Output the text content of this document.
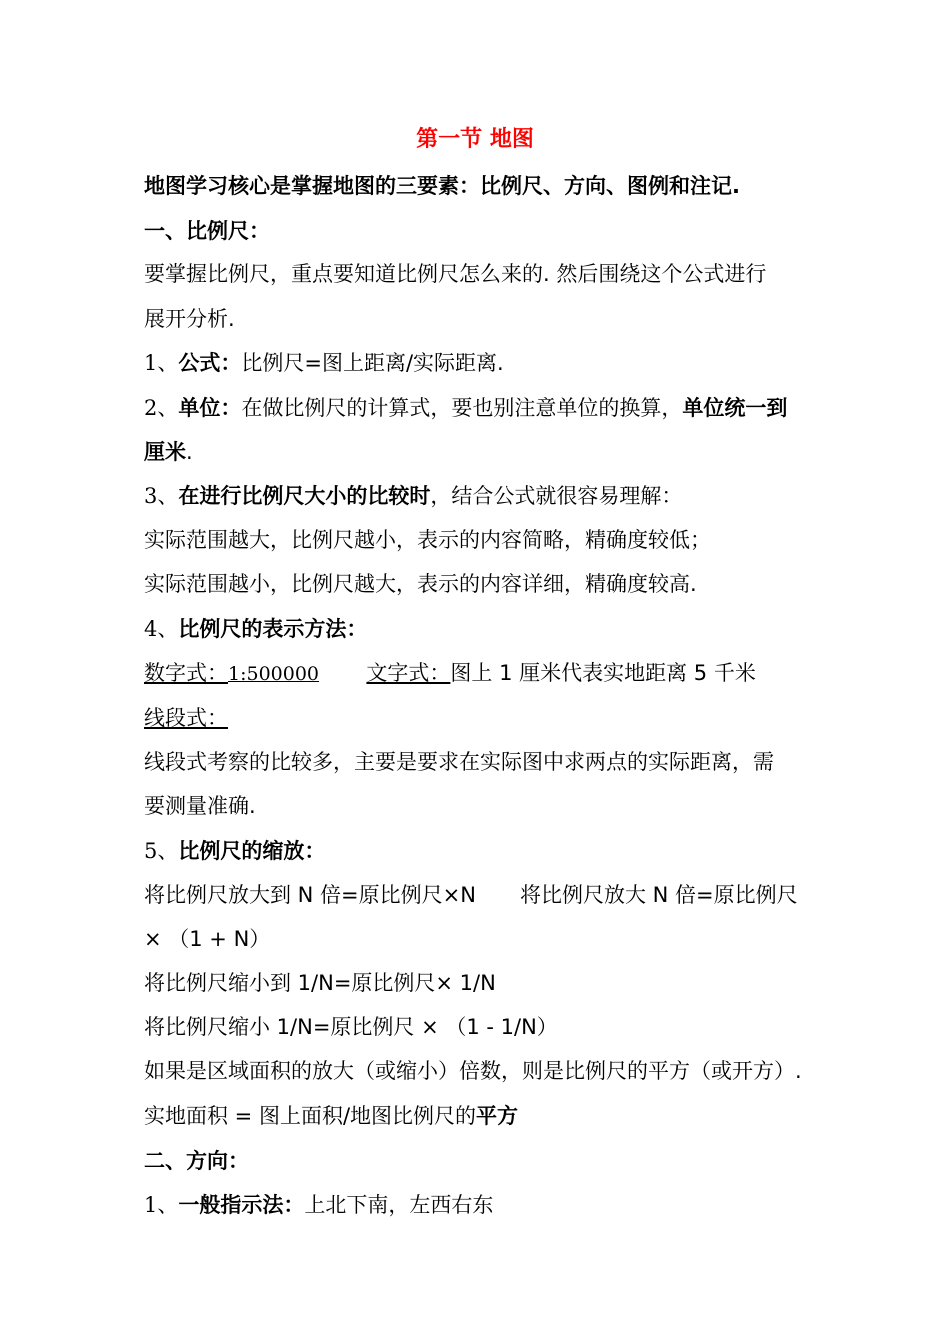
第一节 地图
地图学习核心是掌握地图的三要素：比例尺、方向、图例和注记.
一、比例尺：
要掌握比例尺，重点要知道比例尺怎么来的. 然后围绕这个公式进行
展开分析.
1、公式：比例尺=图上距离/实际距离.
2、单位：在做比例尺的计算式，要也别注意单位的换算，单位统一到
厘米.
3、在进行比例尺大小的比较时，结合公式就很容易理解：
实际范围越大，比例尺越小，表示的内容简略，精确度较低；
实际范围越小，比例尺越大，表示的内容详细，精确度较高.
4、比例尺的表示方法：
数字式：1:500000 文字式：图上 1 厘米代表实地距离 5 千米
线段式：
线段式考察的比较多，主要是要求在实际图中求两点的实际距离，需
要测量准确.
5、比例尺的缩放：
将比例尺放大到 N 倍=原比例尺×N 将比例尺放大 N 倍=原比例尺
× （1 + N）
将比例尺缩小到 1/N=原比例尺× 1/N
将比例尺缩小 1/N=原比例尺 × （1 - 1/N）
如果是区域面积的放大（或缩小）倍数，则是比例尺的平方（或开方）.
实地面积 = 图上面积/地图比例尺的平方
二、方向：
1、一般指示法：上北下南，左西右东
